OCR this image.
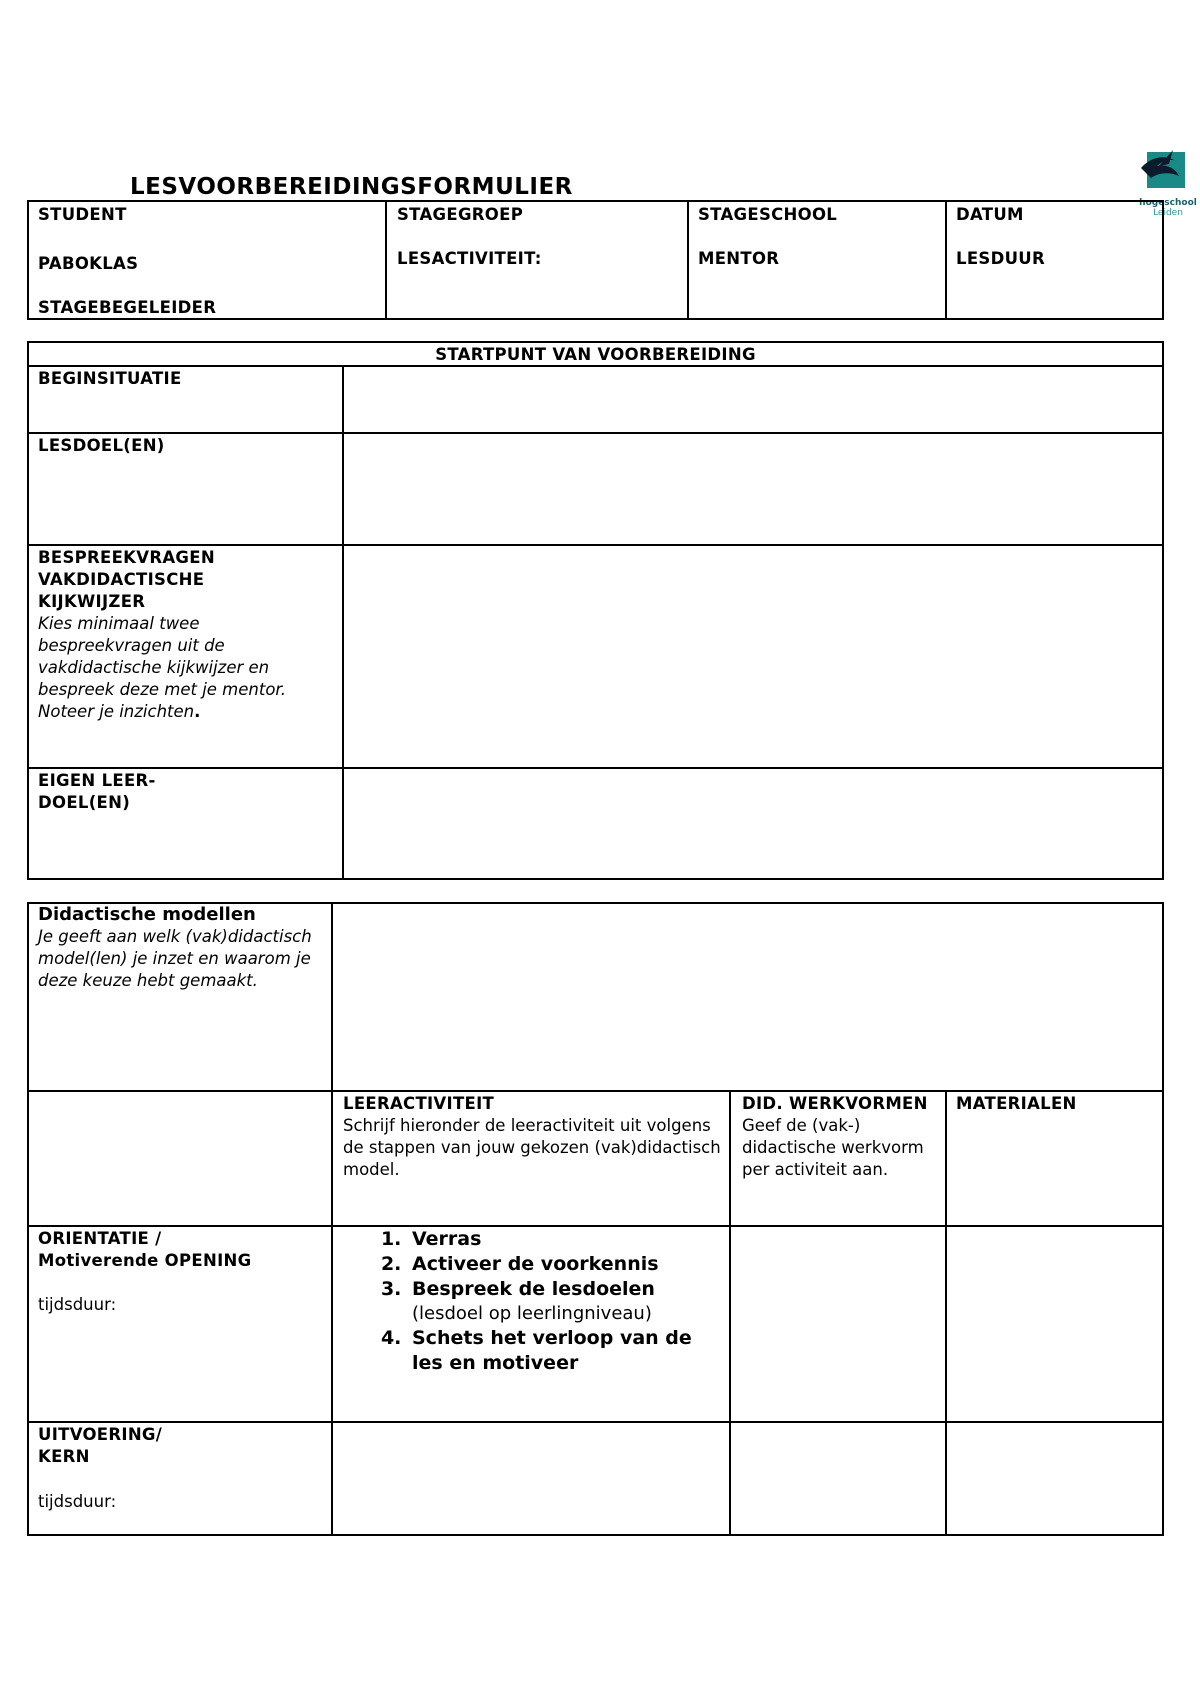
LESVOORBEREIDINGSFORMULIER
hogeschool
Leiden
STUDENT
PABOKLAS
STAGEBEGELEIDER
STAGEGROEP
LESACTIVITEIT:
STAGESCHOOL
MENTOR
DATUM
LESDUUR
STARTPUNT VAN VOORBEREIDING
BEGINSITUATIE
LESDOEL(EN)
BESPREEKVRAGEN
VAKDIDACTISCHE
KIJKWIJZER
Kies minimaal twee bespreekvragen uit de vakdidactische kijkwijzer en bespreek deze met je mentor. Noteer je inzichten.
EIGEN LEER-
DOEL(EN)
Didactische modellen
Je geeft aan welk (vak)didactisch model(len) je inzet en waarom je deze keuze hebt gemaakt.
LEERACTIVITEIT
Schrijf hieronder de leeractiviteit uit volgens de stappen van jouw gekozen (vak)didactisch model.
DID. WERKVORMEN
Geef de (vak-) didactische werkvorm per activiteit aan.
MATERIALEN
ORIENTATIE /
Motiverende OPENING
tijdsduur:
1. Verras
2. Activeer de voorkennis
3. Bespreek de lesdoelen
(lesdoel op leerlingniveau)
4. Schets het verloop van de les en motiveer
UITVOERING/
KERN
tijdsduur:
